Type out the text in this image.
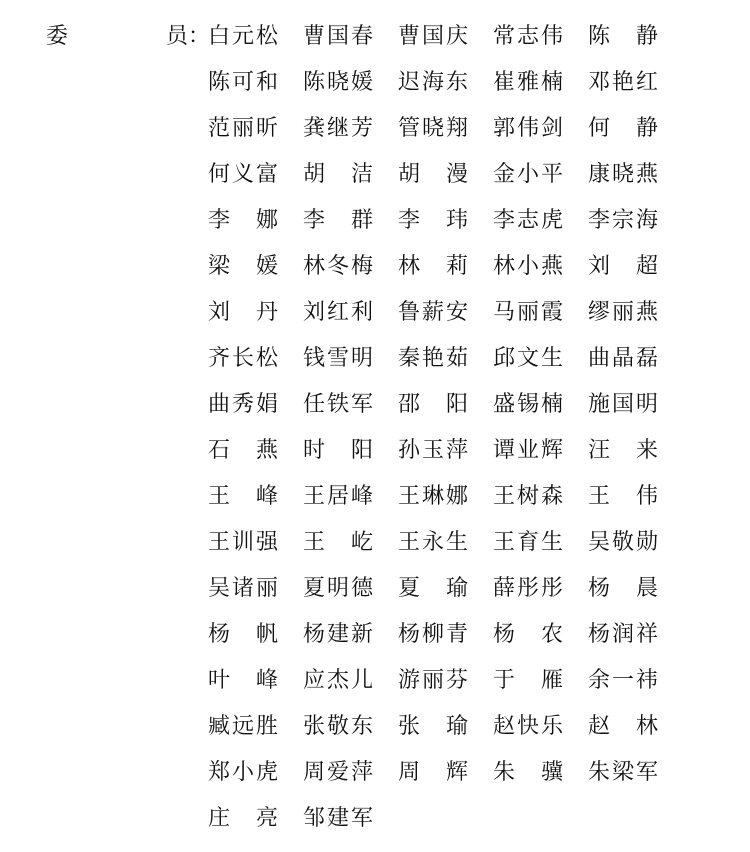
委	员 ：
白 元 松 曹 国 春 曹 国 庆 常 志 伟 陈 静
陈 可 和 陈 晓 媛 迟 海 东 崔 雅 楠 邓 艳 红
范 丽 昕 龚 继 芳 管 晓 翔 郭 伟 剑 何 静
何 义 富 胡 洁 胡 漫 金 小 平 康 晓 燕
李 娜 李 群 李 玮 李 志 虎 李 宗 海
梁 媛 林 冬 梅 林 莉 林 小 燕 刘 超
刘 丹 刘 红 利 鲁 薪 安 马 丽 霞 缪 丽 燕
齐 长 松 钱 雪 明 秦 艳 茹 邱 文 生 曲 晶 磊
曲 秀 娟 任 铁 军 邵 阳 盛 锡 楠 施 国 明
石 燕 时 阳 孙 玉 萍 谭 业 辉 汪 来
王 峰 王 居 峰 王 琳 娜 王 树 森 王 伟
王 训 强 王 屹 王 永 生 王 育 生 吴 敬 勋
吴 诸 丽 夏 明 德 夏 瑜 薛 彤 彤 杨 晨
杨 帆 杨 建 新 杨 柳 青 杨 农 杨 润 祥
叶 峰 应 杰 儿 游 丽 芬 于 雁 余 一 祎
臧 远 胜 张 敬 东 张 瑜 赵 快 乐 赵 林
郑 小 虎 周 爱 萍 周 辉 朱 骥 朱 梁 军
庄 亮 邹 建 军
